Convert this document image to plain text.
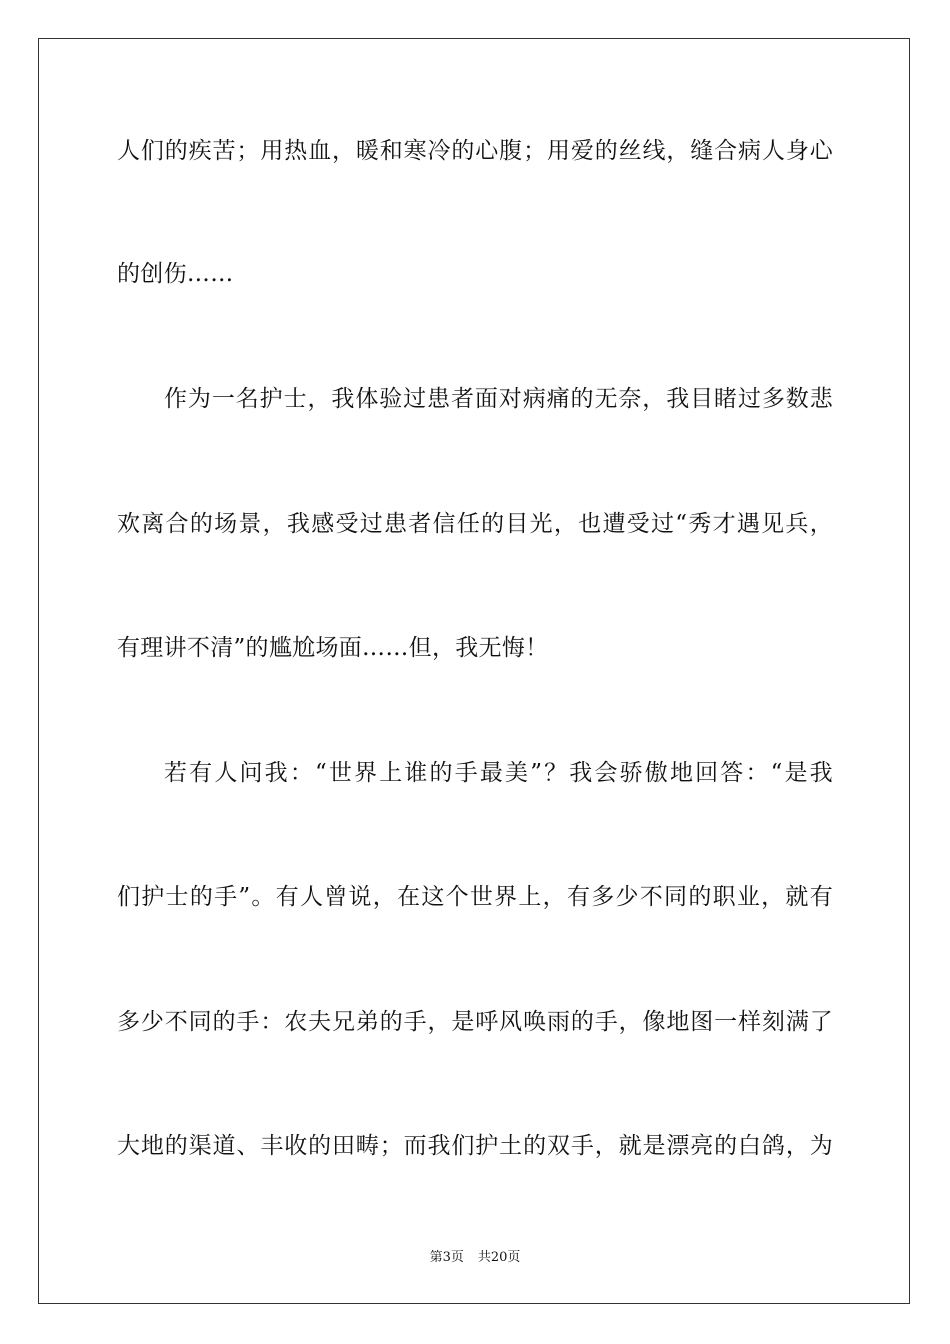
人们的疾苦；用热血，暖和寒冷的心腹；用爱的丝线，缝合病人身心
的创伤……
作为一名护士，我体验过患者面对病痛的无奈，我目睹过多数悲
欢离合的场景，我感受过患者信任的目光，也遭受过“秀才遇见兵，
有理讲不清”的尴尬场面……但，我无悔！
若有人问我：“世界上谁的手最美”？我会骄傲地回答：“是我
们护士的手”。有人曾说，在这个世界上，有多少不同的职业，就有
多少不同的手：农夫兄弟的手，是呼风唤雨的手，像地图一样刻满了
大地的渠道、丰收的田畴；而我们护土的双手，就是漂亮的白鸽，为
第3页 共20页
